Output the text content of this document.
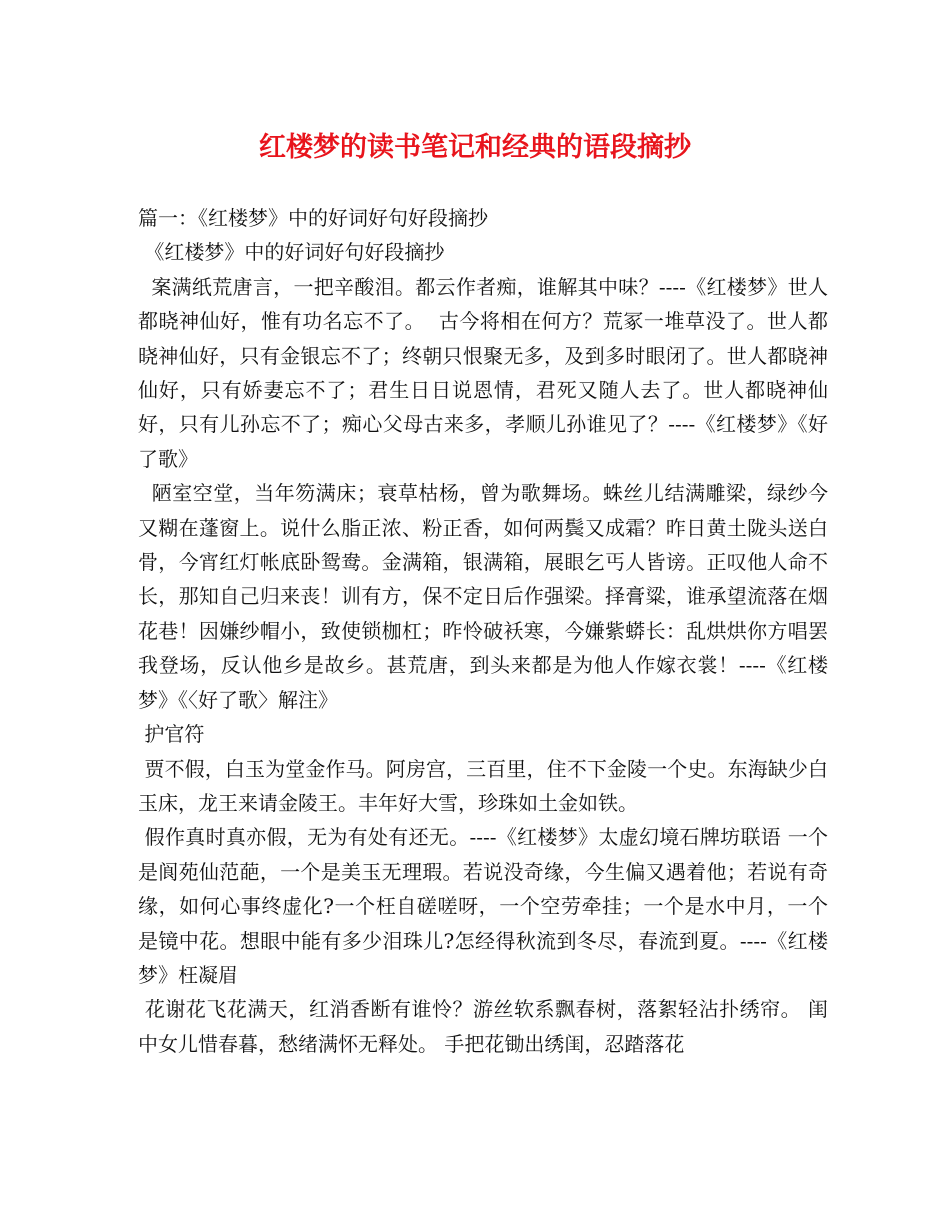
红楼梦的读书笔记和经典的语段摘抄

篇一：《红楼梦》中的好词好句好段摘抄

《红楼梦》中的好词好句好段摘抄

案满纸荒唐言，一把辛酸泪。都云作者痴，谁解其中味？----《红楼梦》世人都晓神仙好，惟有功名忘不了。  古今将相在何方？荒冢一堆草没了。世人都晓神仙好，只有金银忘不了；终朝只恨聚无多，及到多时眼闭了。世人都晓神仙好，只有娇妻忘不了；君生日日说恩情，君死又随人去了。世人都晓神仙好，只有儿孙忘不了；痴心父母古来多，孝顺儿孙谁见了？----《红楼梦》《好了歌》

陋室空堂，当年笏满床；衰草枯杨，曾为歌舞场。蛛丝儿结满雕梁，绿纱今又糊在蓬窗上。说什么脂正浓、粉正香，如何两鬓又成霜？昨日黄土陇头送白骨，今宵红灯帐底卧鸳鸯。金满箱，银满箱，展眼乞丐人皆谤。正叹他人命不长，那知自己归来丧！训有方，保不定日后作强梁。择膏粱，谁承望流落在烟花巷！因嫌纱帽小，致使锁枷杠；昨怜破袄寒，今嫌紫蟒长：乱烘烘你方唱罢我登场，反认他乡是故乡。甚荒唐，到头来都是为他人作嫁衣裳！----《红楼梦》《〈好了歌〉解注》

护官符

贾不假，白玉为堂金作马。阿房宫，三百里，住不下金陵一个史。东海缺少白玉床，龙王来请金陵王。丰年好大雪，珍珠如土金如铁。

假作真时真亦假，无为有处有还无。----《红楼梦》太虚幻境石牌坊联语 一个是阆苑仙范葩，一个是美玉无理瑕。若说没奇缘，今生偏又遇着他；若说有奇缘，如何心事终虚化?一个枉自磋嗟呀，一个空劳牵挂；一个是水中月，一个是镜中花。想眼中能有多少泪珠儿?怎经得秋流到冬尽，春流到夏。----《红楼梦》枉凝眉

花谢花飞花满天，红消香断有谁怜？游丝软系飘春树，落絮轻沾扑绣帘。 闺中女儿惜春暮，愁绪满怀无释处。 手把花锄出绣闺，忍踏落花
